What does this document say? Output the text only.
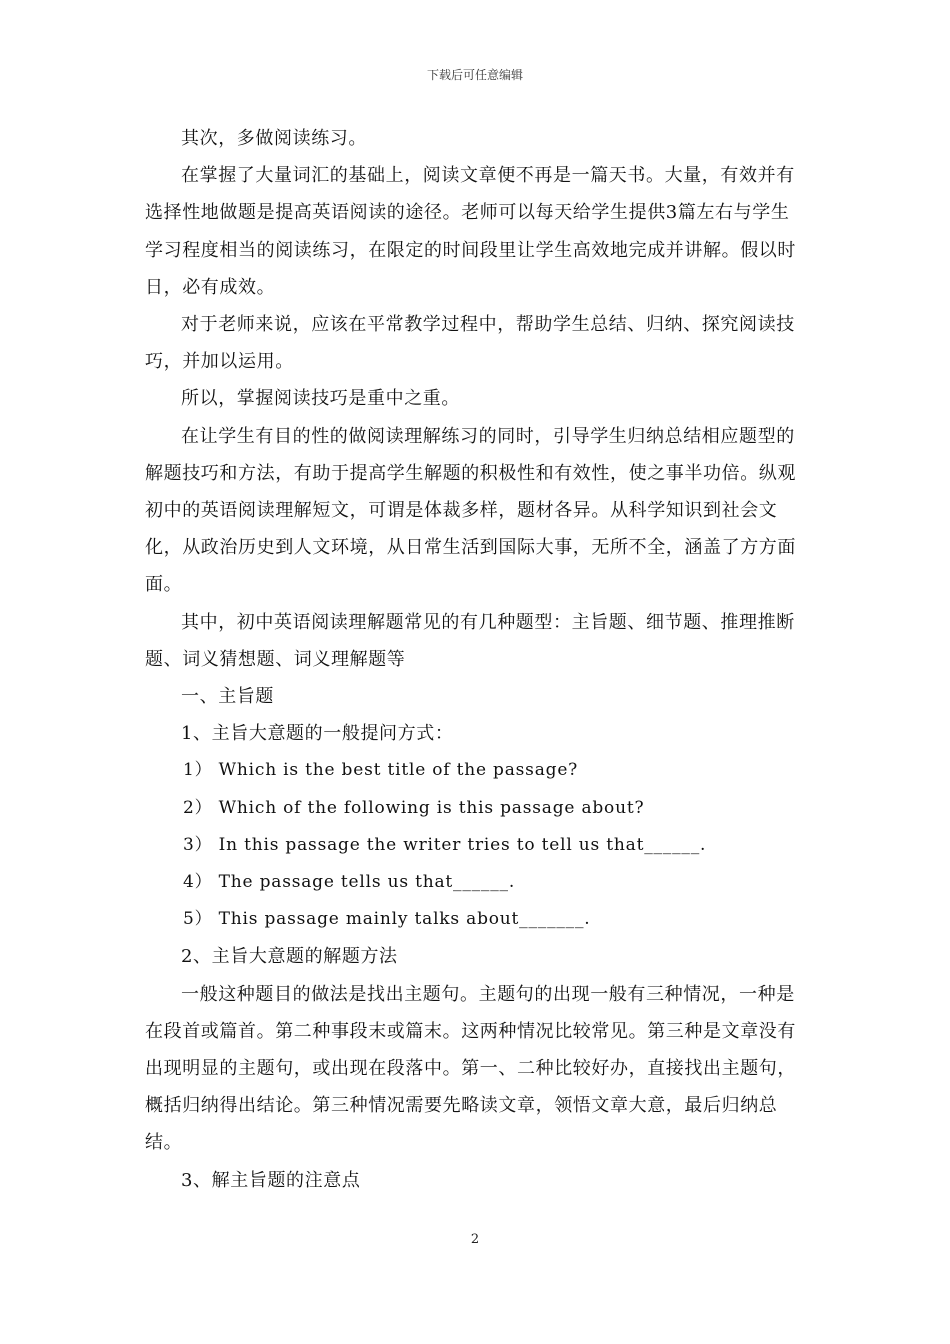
下载后可任意编辑

其次，多做阅读练习。

在掌握了大量词汇的基础上，阅读文章便不再是一篇天书。大量，有效并有选择性地做题是提高英语阅读的途径。老师可以每天给学生提供3篇左右与学生学习程度相当的阅读练习，在限定的时间段里让学生高效地完成并讲解。假以时日，必有成效。

对于老师来说，应该在平常教学过程中，帮助学生总结、归纳、探究阅读技巧，并加以运用。

所以，掌握阅读技巧是重中之重。

在让学生有目的性的做阅读理解练习的同时，引导学生归纳总结相应题型的解题技巧和方法，有助于提高学生解题的积极性和有效性，使之事半功倍。纵观初中的英语阅读理解短文，可谓是体裁多样，题材各异。从科学知识到社会文化，从政治历史到人文环境，从日常生活到国际大事，无所不全，涵盖了方方面面。

其中，初中英语阅读理解题常见的有几种题型：主旨题、细节题、推理推断题、词义猜想题、词义理解题等

一、主旨题

1、主旨大意题的一般提问方式：

1） Which is the best title of the passage?

2） Which of the following is this passage about?

3） In this passage the writer tries to tell us that______.

4） The passage tells us that______.

5） This passage mainly talks about_______.

2、主旨大意题的解题方法

一般这种题目的做法是找出主题句。主题句的出现一般有三种情况，一种是在段首或篇首。第二种事段末或篇末。这两种情况比较常见。第三种是文章没有出现明显的主题句，或出现在段落中。第一、二种比较好办，直接找出主题句，概括归纳得出结论。第三种情况需要先略读文章，领悟文章大意，最后归纳总结。

3、解主旨题的注意点

2
